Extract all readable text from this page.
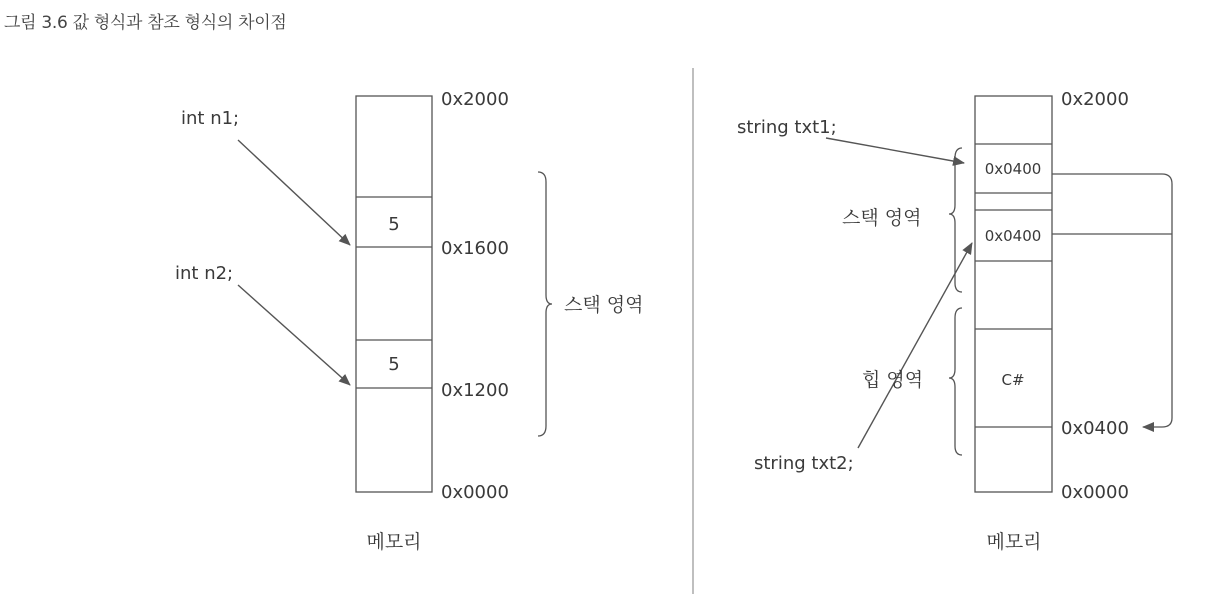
그림 3.6 값 형식과 참조 형식의 차이점
5
5
0x2000
0x1600
0x1200
0x0000
int n1;
int n2;
스택 영역
메모리
0x0400
0x0400
C#
0x2000
0x0400
0x0000
string txt1;
string txt2;
스택 영역
힙 영역
메모리
